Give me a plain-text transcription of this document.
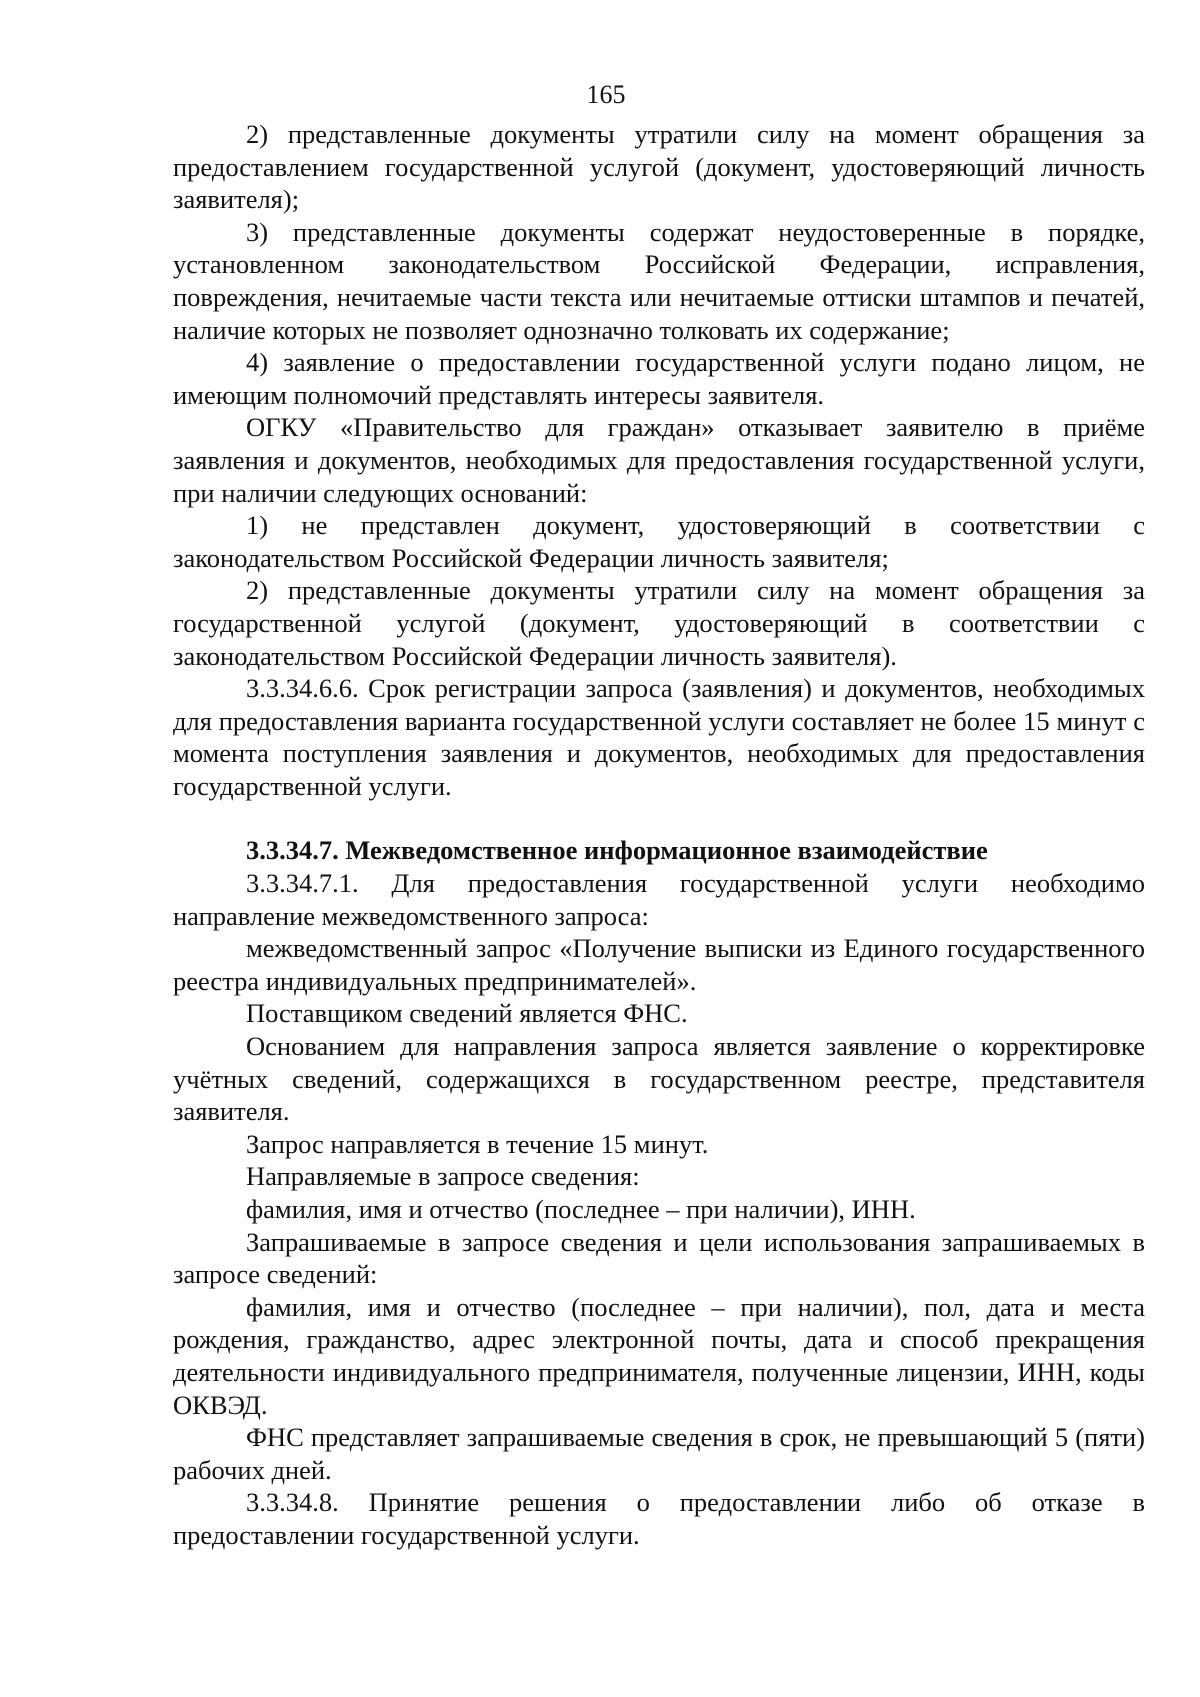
165

2) представленные документы утратили силу на момент обращения за предоставлением государственной услугой (документ, удостоверяющий личность заявителя);

3) представленные документы содержат неудостоверенные в порядке, установленном законодательством Российской Федерации, исправления, повреждения, нечитаемые части текста или нечитаемые оттиски штампов и печатей, наличие которых не позволяет однозначно толковать их содержание;

4) заявление о предоставлении государственной услуги подано лицом, не имеющим полномочий представлять интересы заявителя.

ОГКУ «Правительство для граждан» отказывает заявителю в приёме заявления и документов, необходимых для предоставления государственной услуги, при наличии следующих оснований:

1) не представлен документ, удостоверяющий в соответствии с законодательством Российской Федерации личность заявителя;

2) представленные документы утратили силу на момент обращения за государственной услугой (документ, удостоверяющий в соответствии с законодательством Российской Федерации личность заявителя).

3.3.34.6.6. Срок регистрации запроса (заявления) и документов, необходимых для предоставления варианта государственной услуги составляет не более 15 минут с момента поступления заявления и документов, необходимых для предоставления государственной услуги.

3.3.34.7. Межведомственное информационное взаимодействие

3.3.34.7.1. Для предоставления государственной услуги необходимо направление межведомственного запроса:

межведомственный запрос «Получение выписки из Единого государственного реестра индивидуальных предпринимателей».

Поставщиком сведений является ФНС.

Основанием для направления запроса является заявление о корректировке учётных сведений, содержащихся в государственном реестре, представителя заявителя.

Запрос направляется в течение 15 минут.

Направляемые в запросе сведения:

фамилия, имя и отчество (последнее – при наличии), ИНН.

Запрашиваемые в запросе сведения и цели использования запрашиваемых в запросе сведений:

фамилия, имя и отчество (последнее – при наличии), пол, дата и места рождения, гражданство, адрес электронной почты, дата и способ прекращения деятельности индивидуального предпринимателя, полученные лицензии, ИНН, коды ОКВЭД.

ФНС представляет запрашиваемые сведения в срок, не превышающий 5 (пяти) рабочих дней.

3.3.34.8. Принятие решения о предоставлении либо об отказе в предоставлении государственной услуги.
